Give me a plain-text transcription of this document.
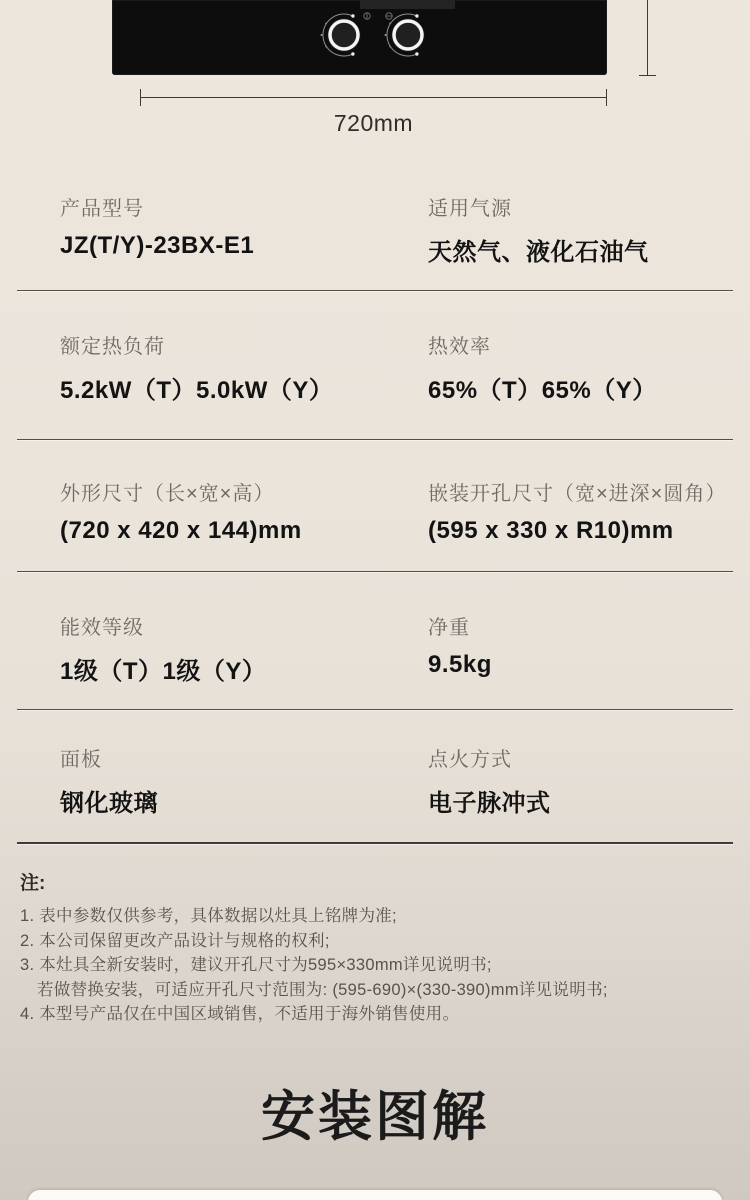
720mm
产品型号
JZ(T/Y)-23BX-E1
适用气源
天然气、液化石油气
额定热负荷
5.2kW（T）5.0kW（Y）
热效率
65%（T）65%（Y）
外形尺寸（长×宽×高）
(720 x 420 x 144)mm
嵌装开孔尺寸（宽×进深×圆角）
(595 x 330 x R10)mm
能效等级
1级（T）1级（Y）
净重
9.5kg
面板
钢化玻璃
点火方式
电子脉冲式
注:
1. 表中参数仅供参考，具体数据以灶具上铭牌为准;
2. 本公司保留更改产品设计与规格的权利;
3. 本灶具全新安装时，建议开孔尺寸为595×330mm详见说明书;
若做替换安装，可适应开孔尺寸范围为: (595-690)×(330-390)mm详见说明书;
4. 本型号产品仅在中国区域销售，不适用于海外销售使用。
安装图解
